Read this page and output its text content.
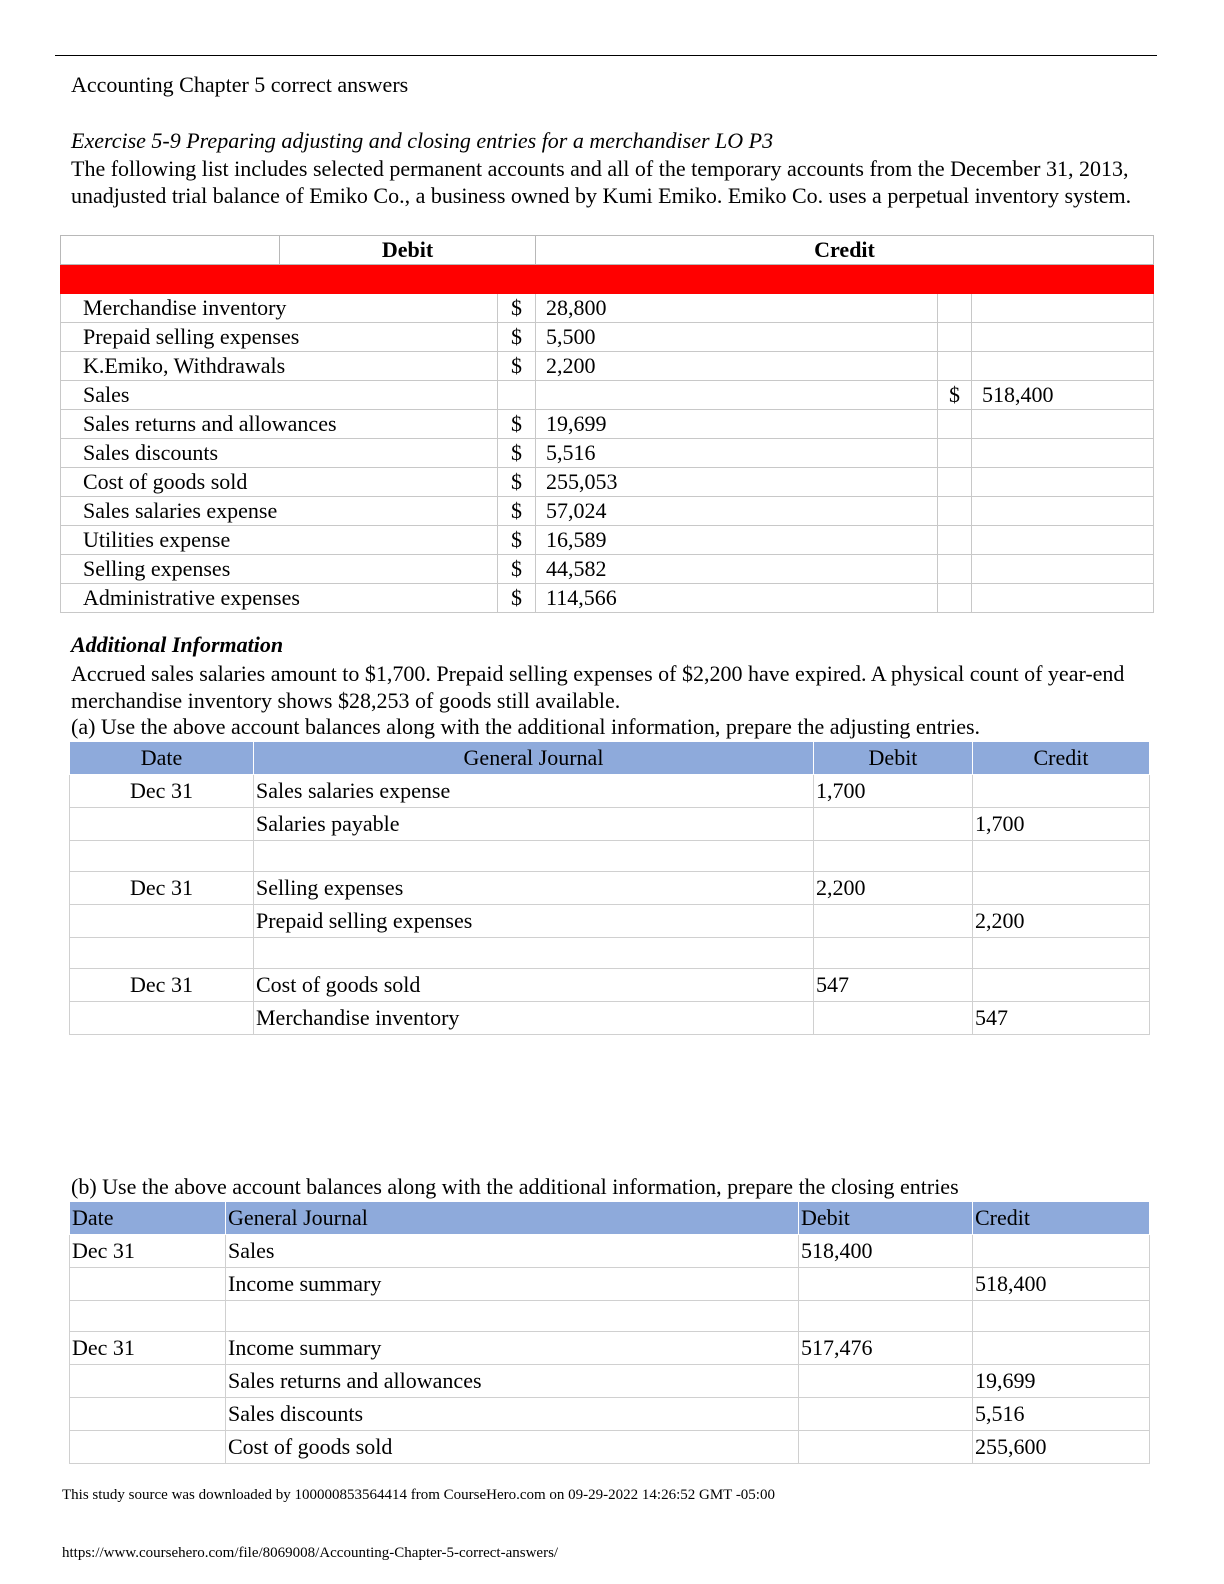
Accounting Chapter 5 correct answers
Exercise 5-9 Preparing adjusting and closing entries for a merchandiser LO P3
The following list includes selected permanent accounts and all of the temporary accounts from the December 31, 2013, unadjusted trial balance of Emiko Co., a business owned by Kumi Emiko. Emiko Co. uses a perpetual inventory system.
	Debit		Credit		

Merchandise inventory		$	28,800		
Prepaid selling expenses		$	5,500		
K.Emiko, Withdrawals		$	2,200		
Sales				$	518,400
Sales returns and allowances		$	19,699		
Sales discounts		$	5,516		
Cost of goods sold		$	255,053		
Sales salaries expense		$	57,024		
Utilities expense		$	16,589		
Selling expenses		$	44,582		
Administrative expenses		$	114,566		
Additional Information
Accrued sales salaries amount to $1,700. Prepaid selling expenses of $2,200 have expired. A physical count of year-end merchandise inventory shows $28,253 of goods still available.
(a) Use the above account balances along with the additional information, prepare the adjusting entries.
Date	General Journal	Debit	Credit
Dec 31	Sales salaries expense	1,700	
	Salaries payable		1,700

Dec 31	Selling expenses	2,200	
	Prepaid selling expenses		2,200

Dec 31	Cost of goods sold	547	
	Merchandise inventory		547
(b) Use the above account balances along with the additional information, prepare the closing entries
Date	General Journal	Debit	Credit
Dec 31	Sales	518,400	
	Income summary		518,400

Dec 31	Income summary	517,476	
	Sales returns and allowances		19,699
	Sales discounts		5,516
	Cost of goods sold		255,600
This study source was downloaded by 100000853564414 from CourseHero.com on 09-29-2022 14:26:52 GMT -05:00
https://www.coursehero.com/file/8069008/Accounting-Chapter-5-correct-answers/
